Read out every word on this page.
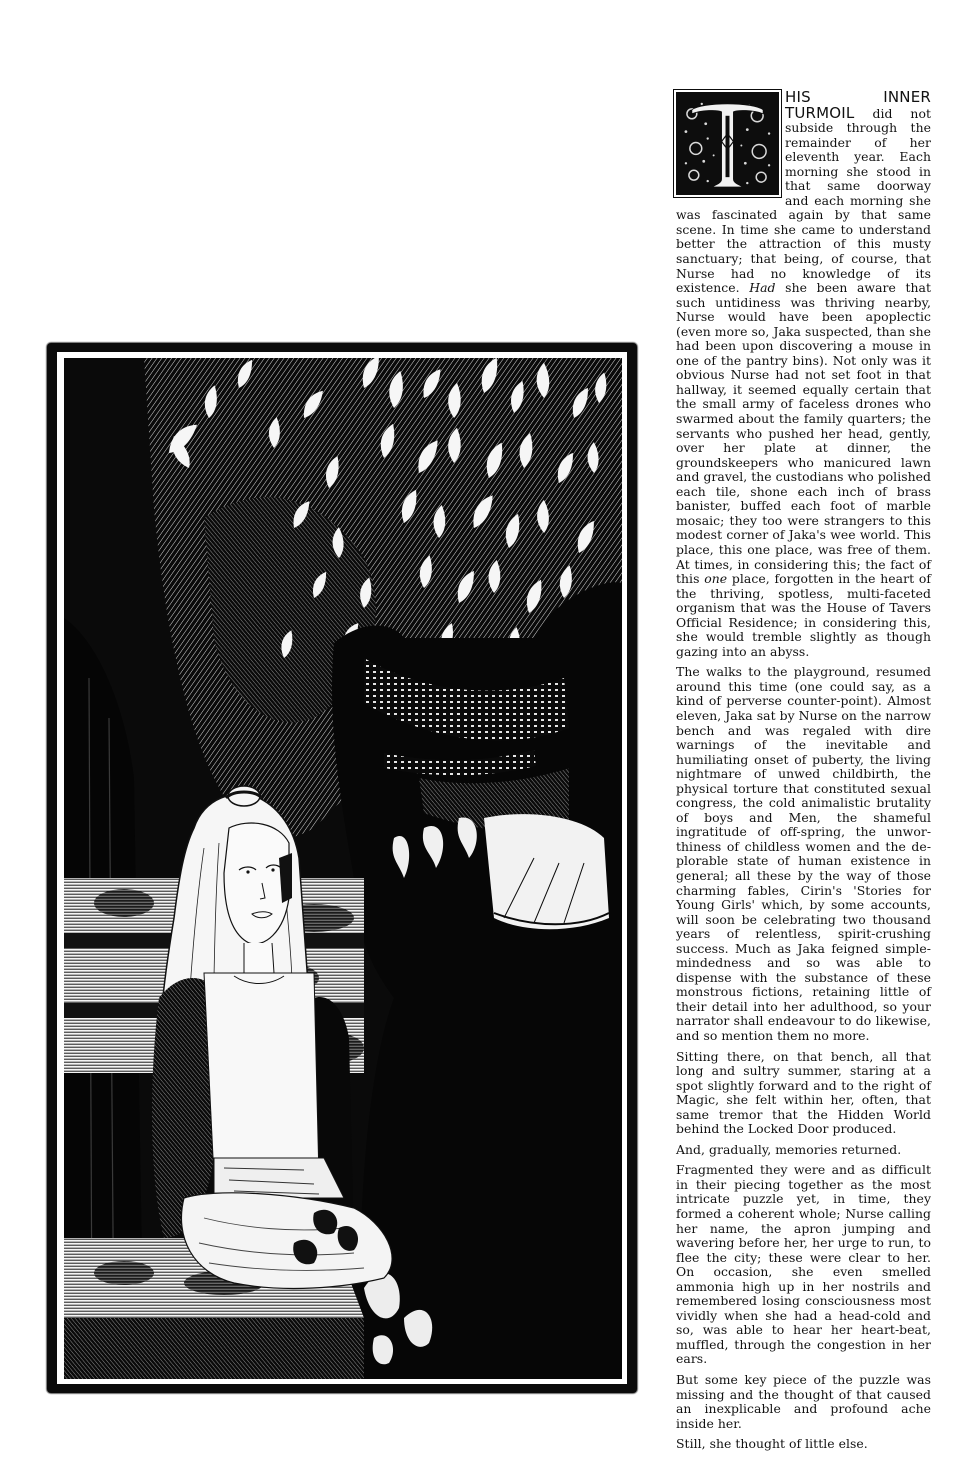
HIS INNER TURMOIL did not subside through the remainder of her eleventh year. Each morning she stood in that same doorway and each morning she was fascinated again by that same scene. In time she came to understand better the attraction of this musty sanctuary; that being, of course, that Nurse had no knowledge of its existence. Had she been aware that such untidiness was thriving nearby, Nurse would have been apoplectic (even more so, Jaka suspected, than she had been upon discovering a mouse in one of the pantry bins). Not only was it obvious Nurse had not set foot in that hallway, it seemed equally certain that the small army of faceless drones who swarmed about the family quarters; the servants who pushed her head, gently, over her plate at dinner, the groundskeepers who manicured lawn and gravel, the custodians who polished each tile, shone each inch of brass banister, buffed each foot of marble mosaic; they too were strangers to this modest corner of Jaka's wee world. This place, this one place, was free of them. At times, in considering this; the fact of this one place, forgotten in the heart of the thriving, spotless, multi-faceted organism that was the House of Tavers Official Residence; in considering this, she would tremble slightly as though gazing into an abyss.

The walks to the playground, resumed around this time (one could say, as a kind of perverse counter-point). Almost eleven, Jaka sat by Nurse on the narrow bench and was regaled with dire warnings of the inevitable and humiliating onset of puberty, the living nightmare of unwed childbirth, the physical torture that constituted sexual congress, the cold animalistic brutality of boys and Men, the shameful ingratitude of off-spring, the unworthiness of childless women and the deplorable state of human existence in general; all these by the way of those charming fables, Cirin's 'Stories for Young Girls' which, by some accounts, will soon be celebrating two thousand years of relentless, spirit-crushing success. Much as Jaka feigned simple-mindedness and so was able to dispense with the substance of these monstrous fictions, retaining little of their detail into her adulthood, so your narrator shall endeavour to do likewise, and so mention them no more.

Sitting there, on that bench, all that long and sultry summer, staring at a spot slightly forward and to the right of Magic, she felt within her, often, that same tremor that the Hidden World behind the Locked Door produced.

And, gradually, memories returned.

Fragmented they were and as difficult in their piecing together as the most intricate puzzle yet, in time, they formed a coherent whole; Nurse calling her name, the apron jumping and wavering before her, her urge to run, to flee the city; these were clear to her. On occasion, she even smelled ammonia high up in her nostrils and remembered losing consciousness most vividly when she had a head-cold and so, was able to hear her heart-beat, muffled, through the congestion in her ears.

But some key piece of the puzzle was missing and the thought of that caused an inexplicable and profound ache inside her.

Still, she thought of little else.
